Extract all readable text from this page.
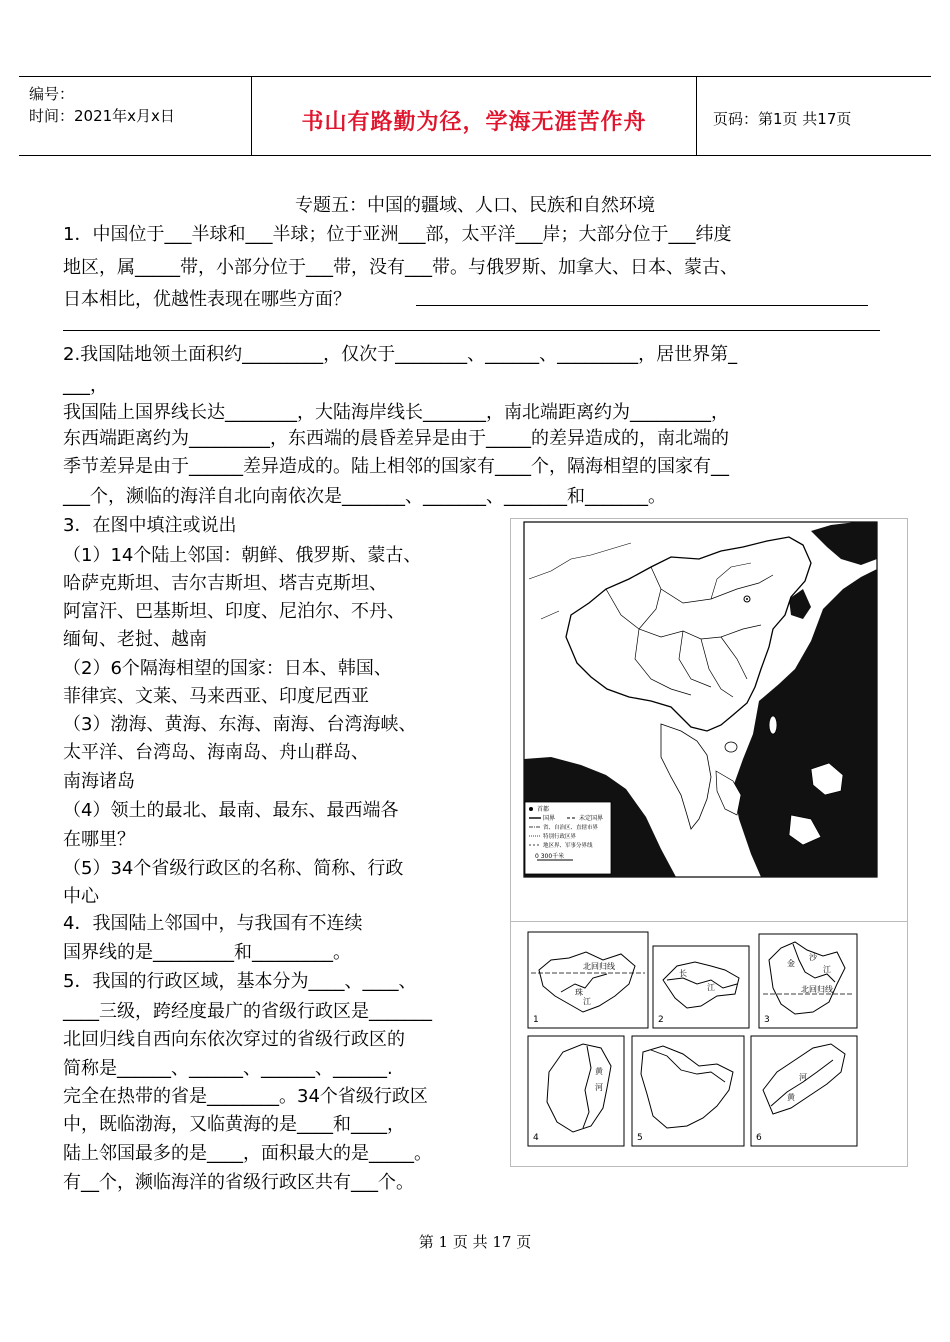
编号：
时间：2021年x月x日	书山有路勤为径，学海无涯苦作舟	页码：第1页 共17页
专题五：中国的疆域、人口、民族和自然环境
1．中国位于___半球和___半球；位于亚洲___部，太平洋___岸；大部分位于___纬度
地区，属_____带，小部分位于___带，没有___带。与俄罗斯、加拿大、日本、蒙古、
日本相比，优越性表现在哪些方面？
2.我国陆地领土面积约_________，仅次于________、______、_________，居世界第_
___，
我国陆上国界线长达________，大陆海岸线长_______，南北端距离约为_________，
东西端距离约为_________，东西端的晨昏差异是由于_____的差异造成的，南北端的
季节差异是由于______差异造成的。陆上相邻的国家有____个，隔海相望的国家有__
___个，濒临的海洋自北向南依次是_______、_______、_______和_______。
3．在图中填注或说出
（1）14个陆上邻国：朝鲜、俄罗斯、蒙古、
哈萨克斯坦、吉尔吉斯坦、塔吉克斯坦、
阿富汗、巴基斯坦、印度、尼泊尔、不丹、
缅甸、老挝、越南
（2）6个隔海相望的国家：日本、韩国、
菲律宾、文莱、马来西亚、印度尼西亚
（3）渤海、黄海、东海、南海、台湾海峡、
太平洋、台湾岛、海南岛、舟山群岛、
南海诸岛
（4）领土的最北、最南、最东、最西端各
在哪里？
（5）34个省级行政区的名称、简称、行政
中心
4．我国陆上邻国中，与我国有不连续
国界线的是_________和_________。
5．我国的行政区域，基本分为____、____、
____三级，跨经度最广的省级行政区是_______
北回归线自西向东依次穿过的省级行政区的
简称是______、______、______、______.
完全在热带的省是________。34个省级行政区
中，既临渤海，又临黄海的是____和____，
陆上邻国最多的是____，面积最大的是_____。
有__个，濒临海洋的省级行政区共有___个。
首都
国界	未定国界
省、自治区、直辖市界
特别行政区界
地区界、军事分界线
0 300千米
北回归线
珠
江
1
长
江
2
金
沙
江
北回归线
3
黄
河
4	5
河
黄
6
第 1 页 共 17 页
